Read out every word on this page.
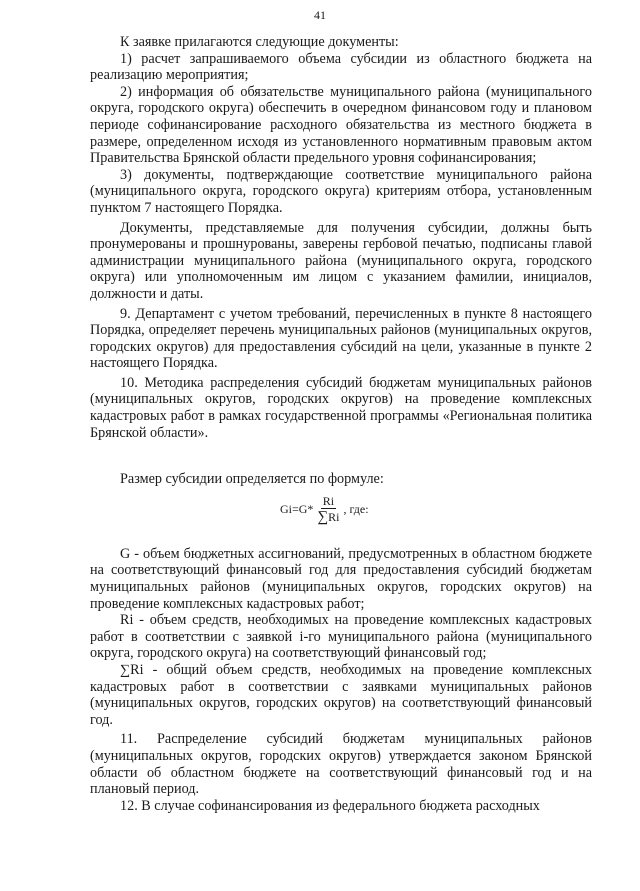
41

К заявке прилагаются следующие документы:

1) расчет запрашиваемого объема субсидии из областного бюджета на реализацию мероприятия;

2) информация об обязательстве муниципального района (муниципального округа, городского округа) обеспечить в очередном финансовом году и плановом периоде софинансирование расходного обязательства из местного бюджета в размере, определенном исходя из установленного нормативным правовым актом Правительства Брянской области предельного уровня софинансирования;

3) документы, подтверждающие соответствие муниципального района (муниципального округа, городского округа) критериям отбора, установленным пунктом 7 настоящего Порядка.

Документы, представляемые для получения субсидии, должны быть пронумерованы и прошнурованы, заверены гербовой печатью, подписаны главой администрации муниципального района (муниципального округа, городского округа) или уполномоченным им лицом с указанием фамилии, инициалов, должности и даты.

9. Департамент с учетом требований, перечисленных в пункте 8 настоящего Порядка, определяет перечень муниципальных районов (муниципальных округов, городских округов) для предоставления субсидий на цели, указанные в пункте 2 настоящего Порядка.

10. Методика распределения субсидий бюджетам муниципальных районов (муниципальных округов, городских округов) на проведение комплексных кадастровых работ в рамках государственной программы «Региональная политика Брянской области».

Размер субсидии определяется по формуле:

$Gi=G* \frac{Ri}{\sum Ri}$ , где:

G - объем бюджетных ассигнований, предусмотренных в областном бюджете на соответствующий финансовый год для предоставления субсидий бюджетам муниципальных районов (муниципальных округов, городских округов) на проведение комплексных кадастровых работ;

Ri - объем средств, необходимых на проведение комплексных кадастровых работ в соответствии с заявкой i-го муниципального района (муниципального округа, городского округа) на соответствующий финансовый год;

∑Ri - общий объем средств, необходимых на проведение комплексных кадастровых работ в соответствии с заявками муниципальных районов (муниципальных округов, городских округов) на соответствующий финансовый год.

11. Распределение субсидий бюджетам муниципальных районов (муниципальных округов, городских округов) утверждается законом Брянской области об областном бюджете на соответствующий финансовый год и на плановый период.

12. В случае софинансирования из федерального бюджета расходных
